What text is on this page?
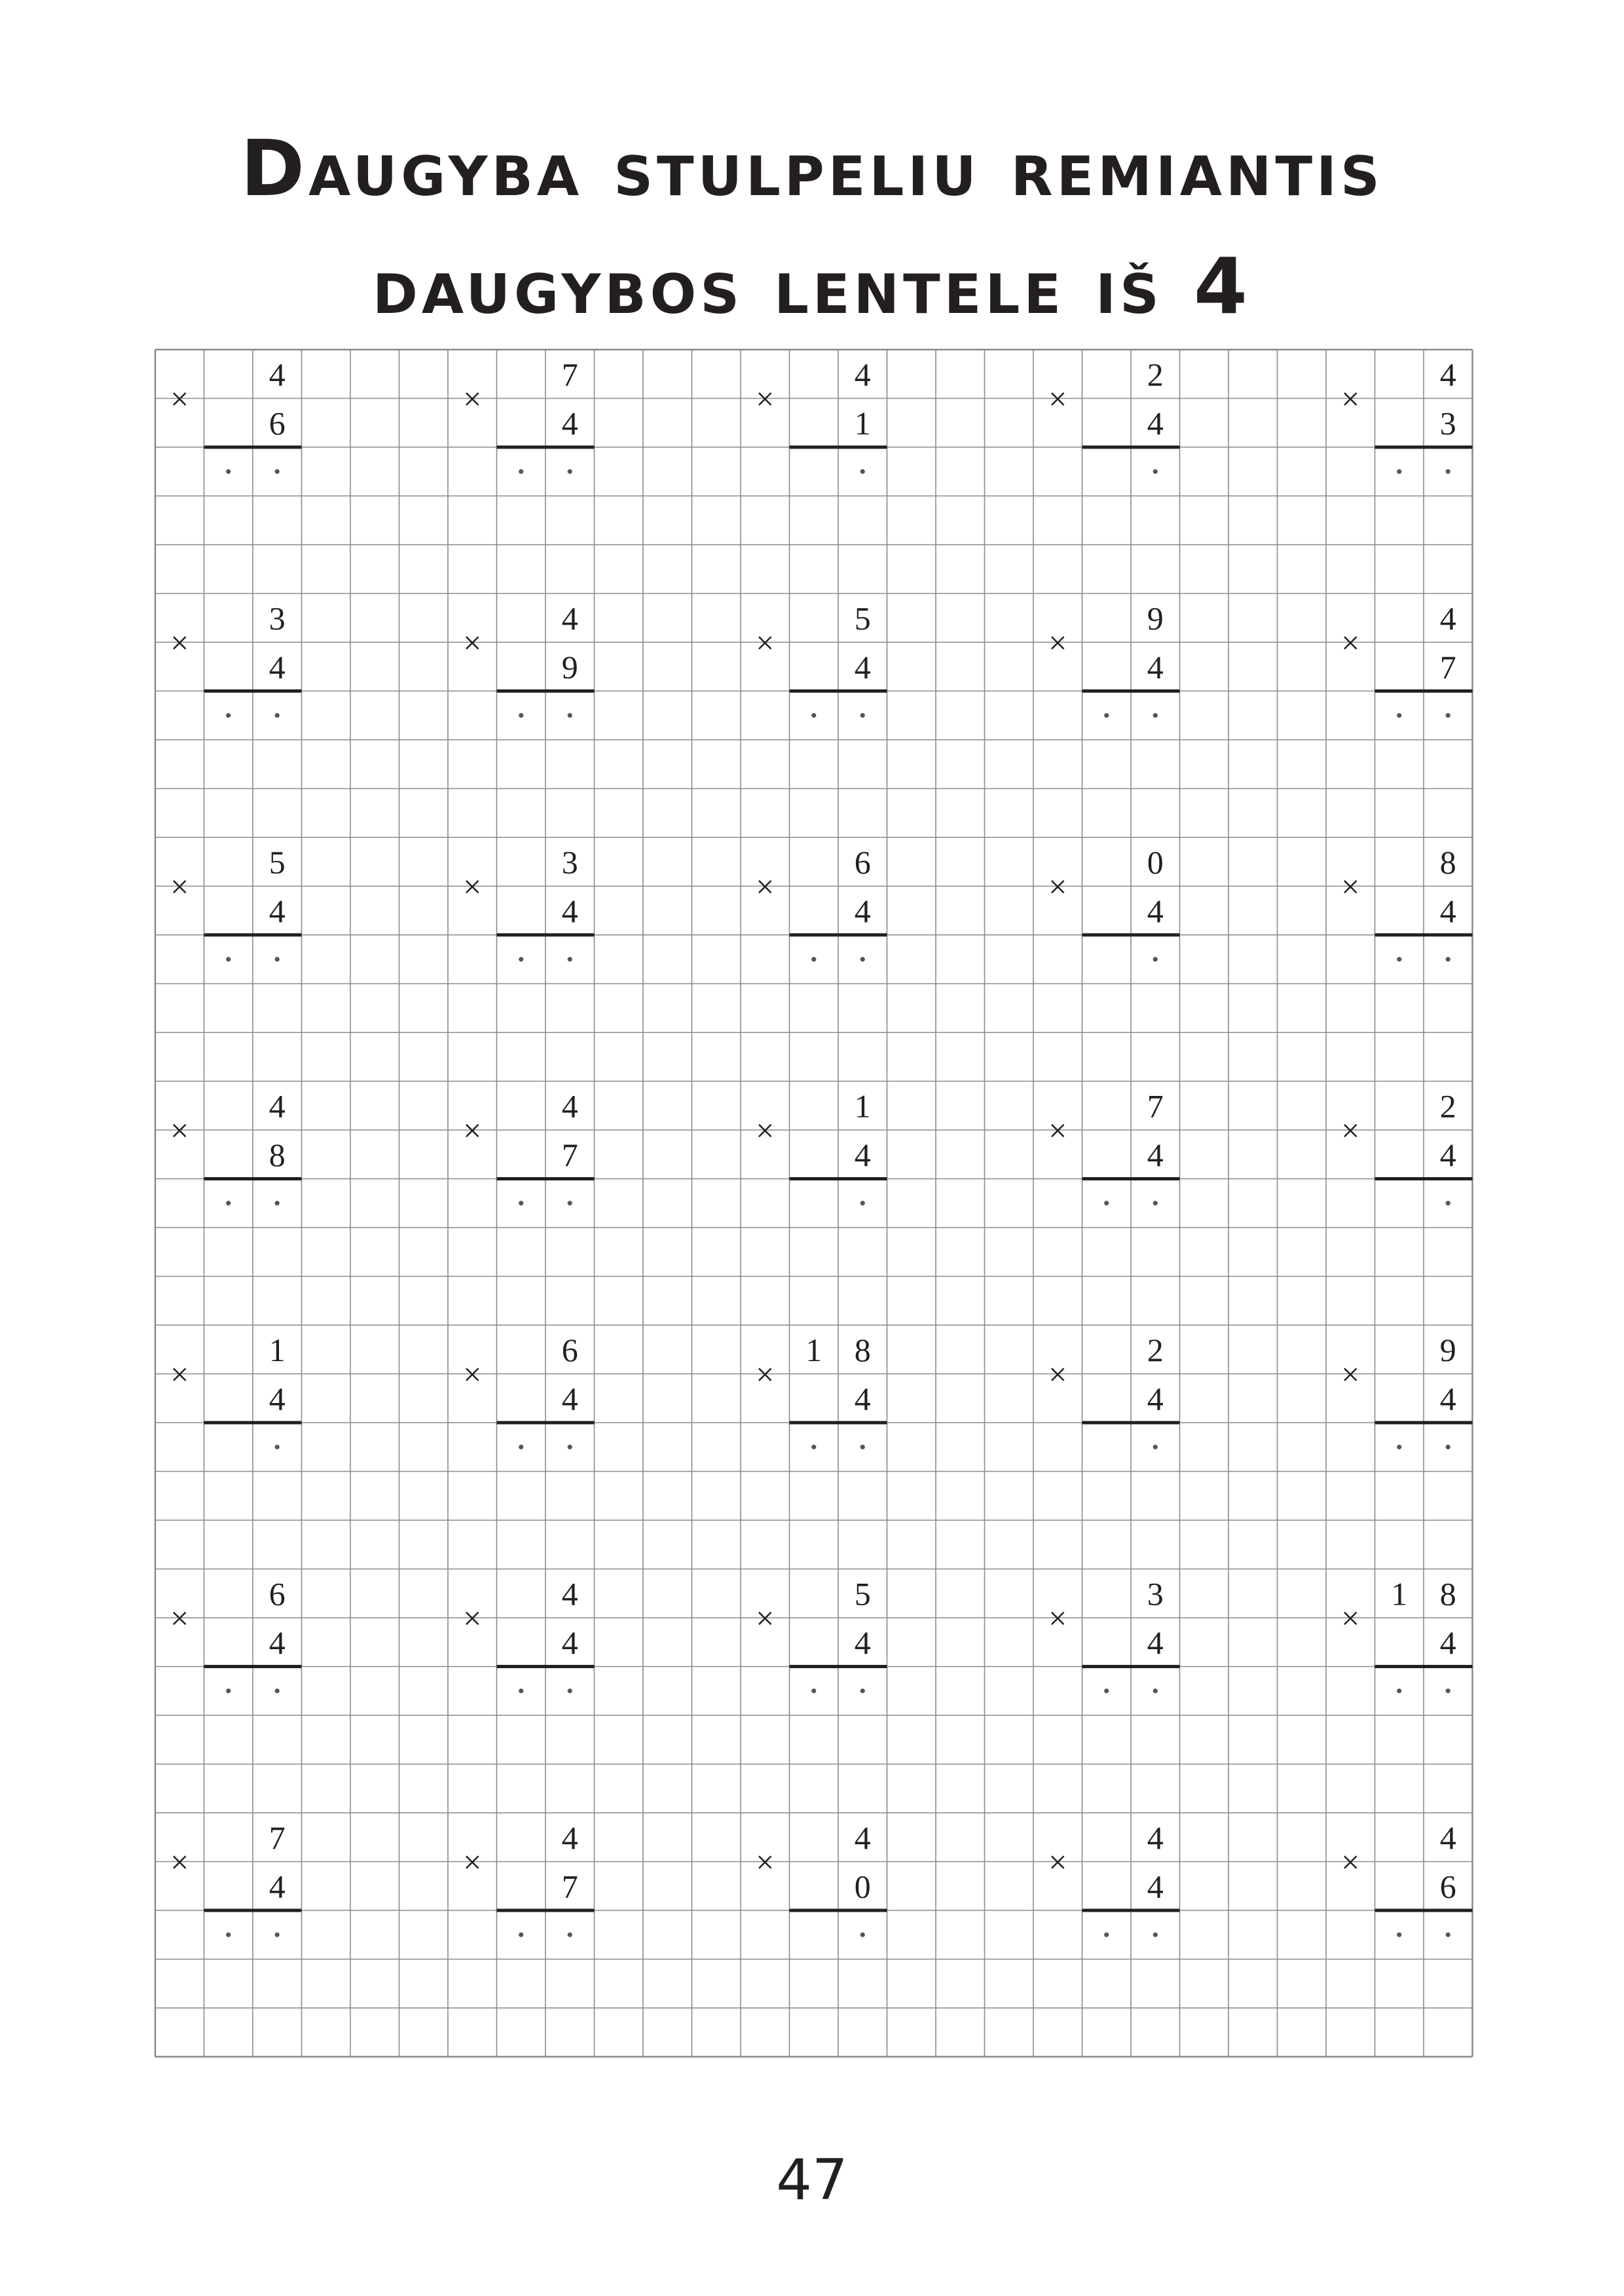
Daugyba stulpeliu remiantis
daugybos lentele iš 4
×
4
6
×
7
4
×
4
1
×
2
4
×
4
3
×
3
4
×
4
9
×
5
4
×
9
4
×
4
7
×
5
4
×
3
4
×
6
4
×
0
4
×
8
4
×
4
8
×
4
7
×
1
4
×
7
4
×
2
4
×
1
4
×
6
4
×
1 8
4
×
2
4
×
9
4
×
6
4
×
4
4
×
5
4
×
3
4
×
1 8
4
×
7
4
×
4
7
×
4
0
×
4
4
×
4
6
47
